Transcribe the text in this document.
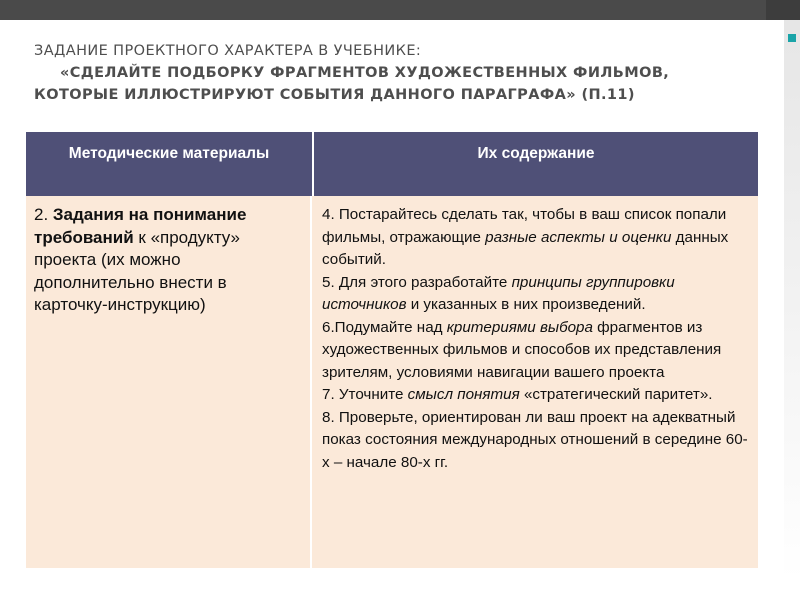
ЗАДАНИЕ ПРОЕКТНОГО ХАРАКТЕРА В УЧЕБНИКЕ:
«СДЕЛАЙТЕ ПОДБОРКУ ФРАГМЕНТОВ ХУДОЖЕСТВЕННЫХ ФИЛЬМОВ,
КОТОРЫЕ ИЛЛЮСТРИРУЮТ СОБЫТИЯ ДАННОГО ПАРАГРАФА» (П.11)
Методические материалы	Их содержание
2. Задания на понимание требований к «продукту» проекта (их можно дополнительно внести в карточку-инструкцию)
4. Постарайтесь сделать так, чтобы в ваш список попали фильмы, отражающие разные аспекты и оценки данных событий.
5. Для этого разработайте принципы группировки источников и указанных в них произведений.
6.Подумайте над критериями выбора фрагментов из художественных фильмов и способов их представления зрителям, условиями навигации вашего проекта
7. Уточните смысл понятия «стратегический паритет».
8. Проверьте, ориентирован ли ваш проект на адекватный показ состояния международных отношений в середине 60-х – начале 80-х гг.
